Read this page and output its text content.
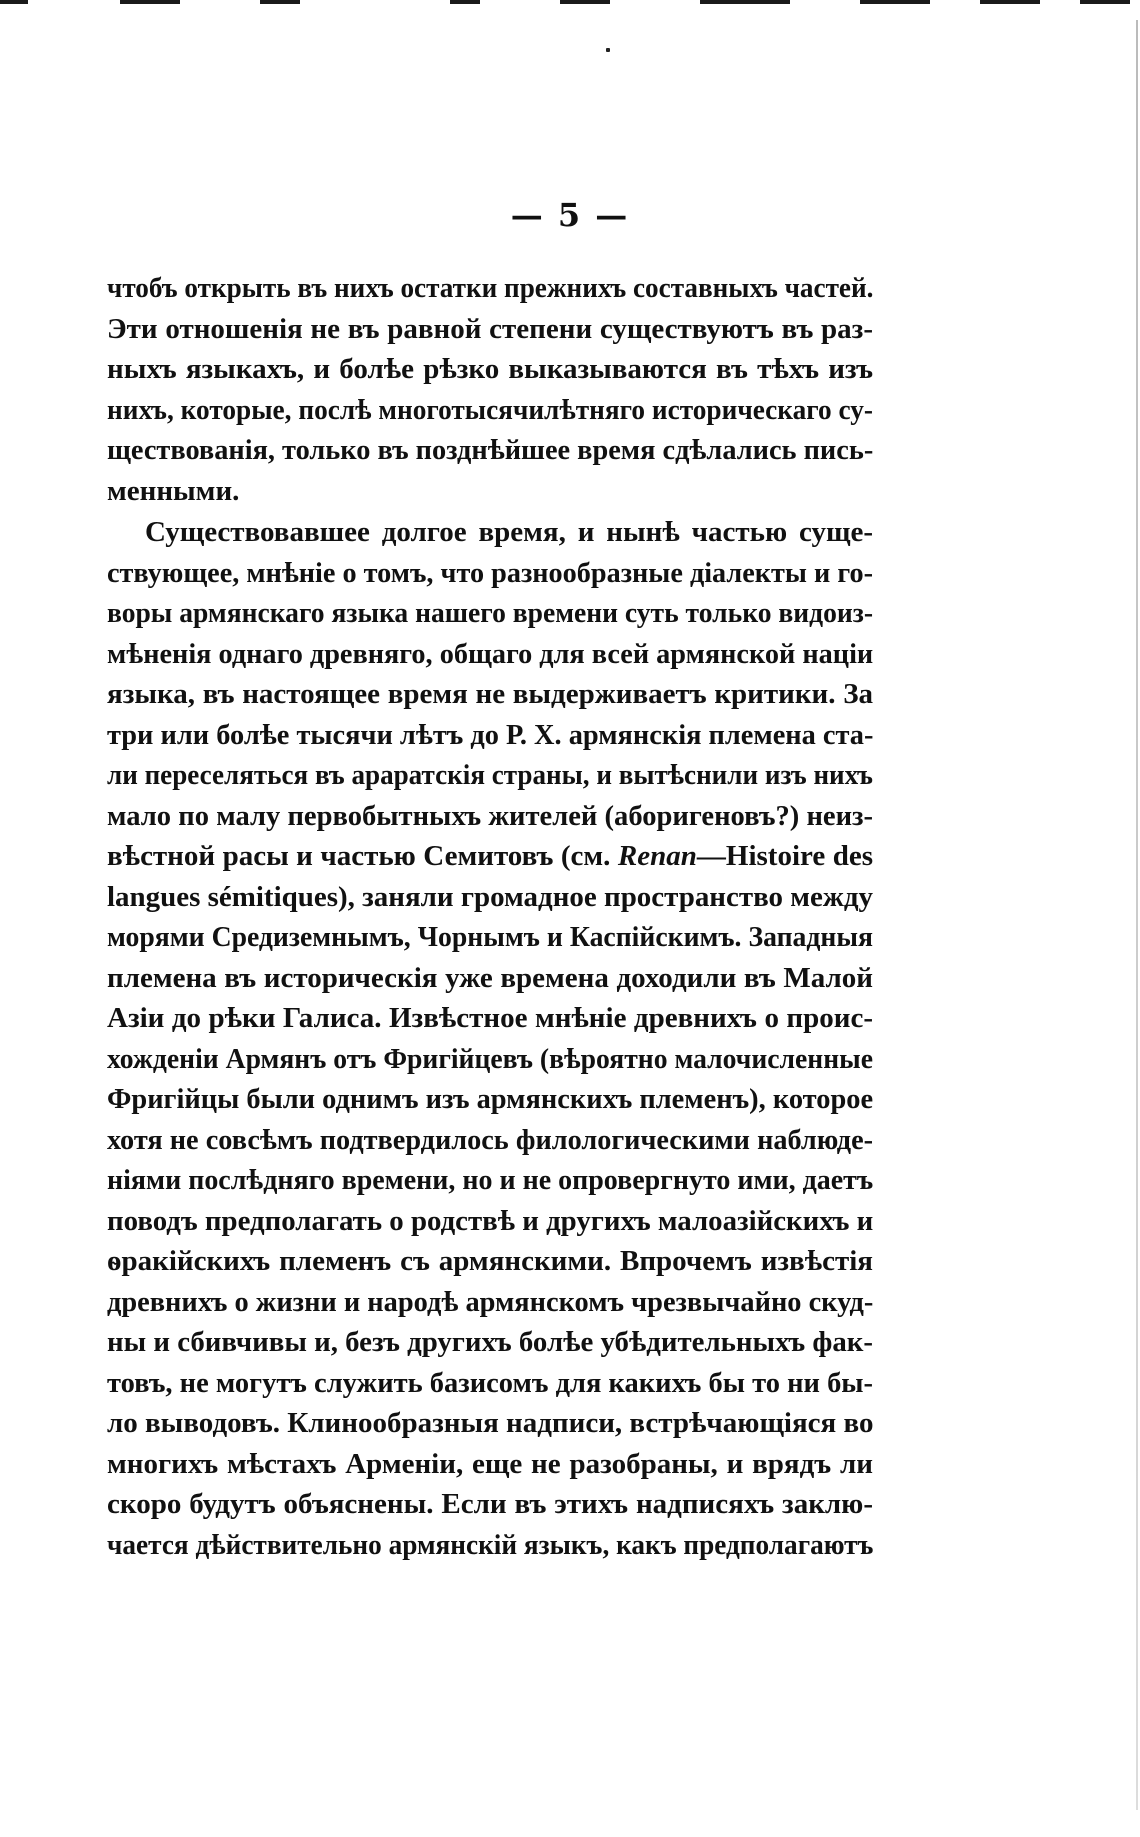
— 5 —
чтобъ открыть въ нихъ остатки прежнихъ составныхъ частей.
Эти отношенія не въ равной степени существуютъ въ раз-
ныхъ языкахъ, и болѣе рѣзко выказываются въ тѣхъ изъ
нихъ, которые, послѣ многотысячилѣтняго историческаго су-
ществованія, только въ позднѣйшее время сдѣлались пись-
менными.
Существовавшее долгое время, и нынѣ частью суще-
ствующее, мнѣніе о томъ, что разнообразные діалекты и го-
воры армянскаго языка нашего времени суть только видоиз-
мѣненія однаго древняго, общаго для всей армянской націи
языка, въ настоящее время не выдерживаетъ критики. За
три или болѣе тысячи лѣтъ до Р. Х. армянскія племена ста-
ли переселяться въ араратскія страны, и вытѣснили изъ нихъ
мало по малу первобытныхъ жителей (аборигеновъ?) неиз-
вѣстной расы и частью Семитовъ (см. Renan—Histoire des
langues sémitiques), заняли громадное пространство между
морями Средиземнымъ, Чорнымъ и Каспійскимъ. Западныя
племена въ историческія уже времена доходили въ Малой
Азіи до рѣки Галиса. Извѣстное мнѣніе древнихъ о проис-
хожденіи Армянъ отъ Фригійцевъ (вѣроятно малочисленные
Фригійцы были однимъ изъ армянскихъ племенъ), которое
хотя не совсѣмъ подтвердилось филологическими наблюде-
ніями послѣдняго времени, но и не опровергнуто ими, даетъ
поводъ предполагать о родствѣ и другихъ малоазійскихъ и
ѳракійскихъ племенъ съ армянскими. Впрочемъ извѣстія
древнихъ о жизни и народѣ армянскомъ чрезвычайно скуд-
ны и сбивчивы и, безъ другихъ болѣе убѣдительныхъ фак-
товъ, не могутъ служить базисомъ для какихъ бы то ни бы-
ло выводовъ. Клинообразныя надписи, встрѣчающіяся во
многихъ мѣстахъ Арменіи, еще не разобраны, и врядъ ли
скоро будутъ объяснены. Если въ этихъ надписяхъ заклю-
чается дѣйствительно армянскій языкъ, какъ предполагаютъ
